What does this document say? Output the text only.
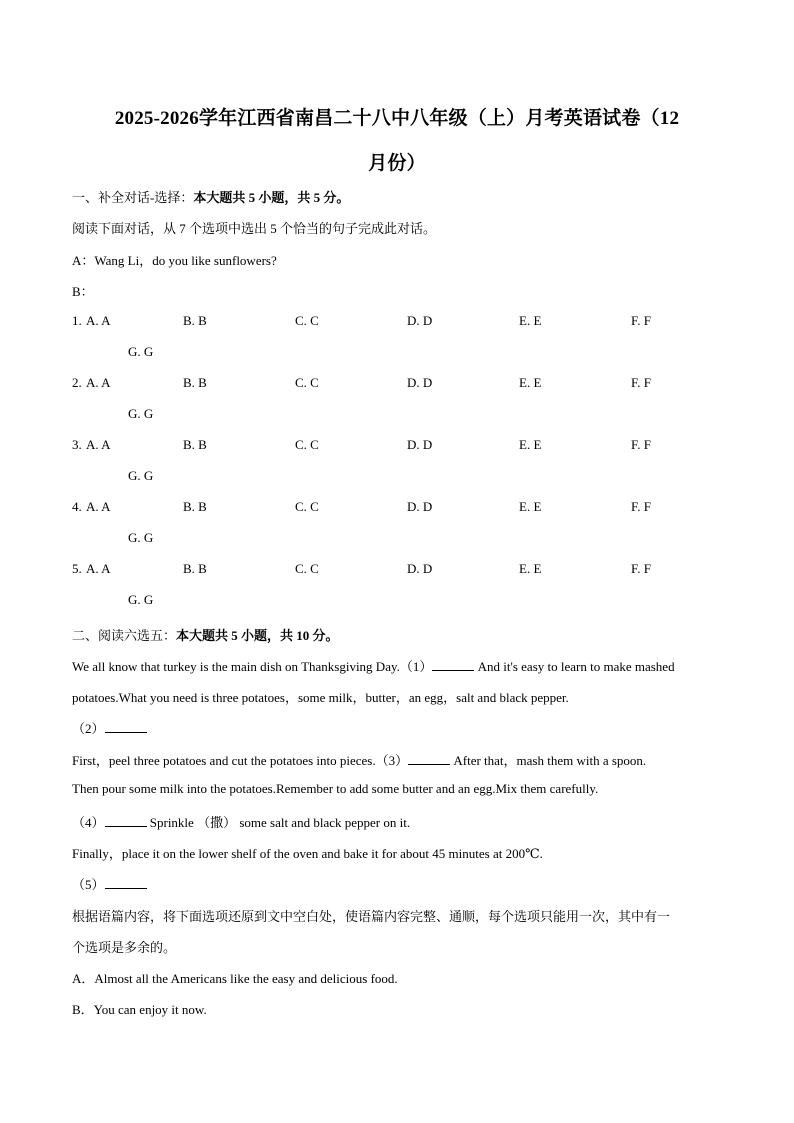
2025-2026学年江西省南昌二十八中八年级（上）月考英语试卷（12
月份）
一、补全对话-选择：本大题共 5 小题，共 5 分。
阅读下面对话，从 7 个选项中选出 5 个恰当的句子完成此对话。
A：Wang Li，do you like sunflowers?
B：
1. A. A	B. B	C. C	D. D	E. E	F. F
G. G
2. A. A	B. B	C. C	D. D	E. E	F. F
G. G
3. A. A	B. B	C. C	D. D	E. E	F. F
G. G
4. A. A	B. B	C. C	D. D	E. E	F. F
G. G
5. A. A	B. B	C. C	D. D	E. E	F. F
G. G
二、阅读六选五：本大题共 5 小题，共 10 分。
We all know that turkey is the main dish on Thanksgiving Day.（1）	And it's easy to learn to make mashed
potatoes.What you need is three potatoes，some milk，butter，an egg，salt and black pepper.
（2）
First，peel three potatoes and cut the potatoes into pieces.（3）	After that，mash them with a spoon.
Then pour some milk into the potatoes.Remember to add some butter and an egg.Mix them carefully.
（4）	Sprinkle （撒） some salt and black pepper on it.
Finally，place it on the lower shelf of the oven and bake it for about 45 minutes at 200℃.
（5）
根据语篇内容，将下面选项还原到文中空白处，使语篇内容完整、通顺，每个选项只能用一次，其中有一
个选项是多余的。
A．Almost all the Americans like the easy and delicious food.
B．You can enjoy it now.
